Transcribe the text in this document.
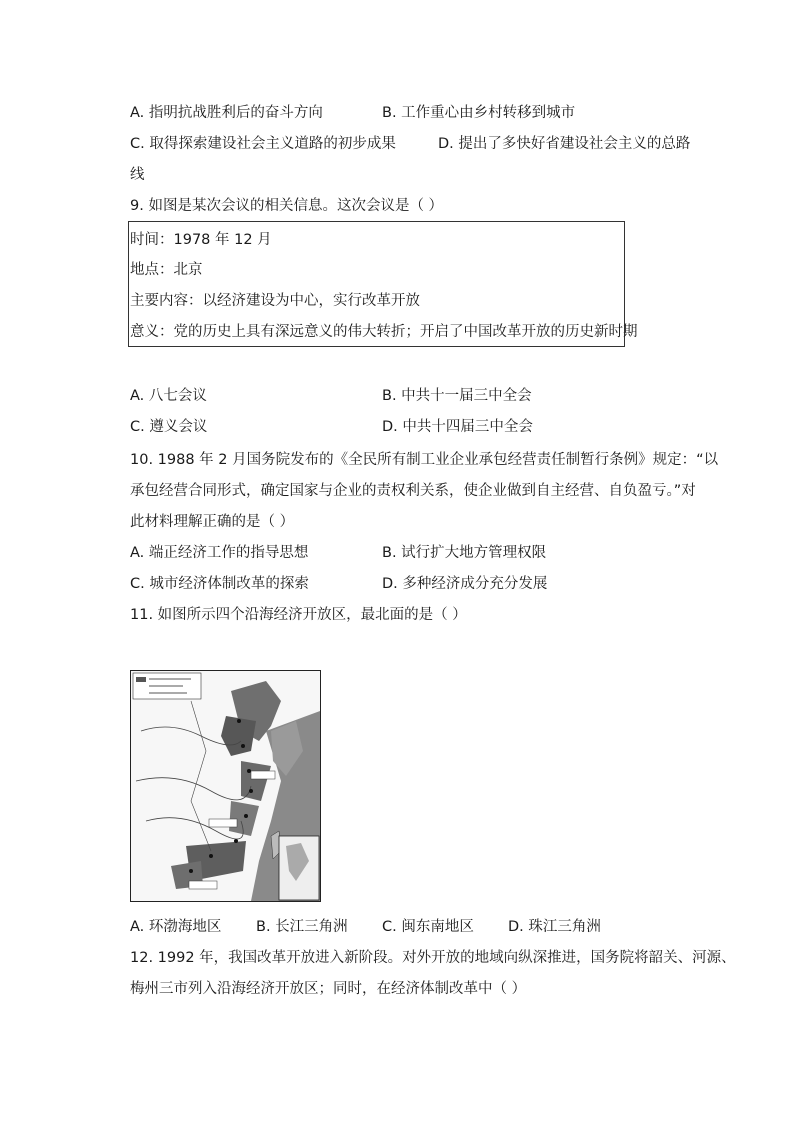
A. 指明抗战胜利后的奋斗方向	B. 工作重心由乡村转移到城市
C. 取得探索建设社会主义道路的初步成果	D. 提出了多快好省建设社会主义的总路
线
9. 如图是某次会议的相关信息。这次会议是（ ）
时间：1978 年 12 月
地点：北京
主要内容：以经济建设为中心，实行改革开放
意义：党的历史上具有深远意义的伟大转折；开启了中国改革开放的历史新时期
A. 八七会议	B. 中共十一届三中全会
C. 遵义会议	D. 中共十四届三中全会
10. 1988 年 2 月国务院发布的《全民所有制工业企业承包经营责任制暂行条例》规定：“以
承包经营合同形式，确定国家与企业的责权利关系，使企业做到自主经营、自负盈亏。”对
此材料理解正确的是（ ）
A. 端正经济工作的指导思想	B. 试行扩大地方管理权限
C. 城市经济体制改革的探索	D. 多种经济成分充分发展
11. 如图所示四个沿海经济开放区，最北面的是（ ）
A. 环渤海地区 B. 长江三角洲 C. 闽东南地区 D. 珠江三角洲
12. 1992 年，我国改革开放进入新阶段。对外开放的地域向纵深推进，国务院将韶关、河源、
梅州三市列入沿海经济开放区；同时，在经济体制改革中（ ）
